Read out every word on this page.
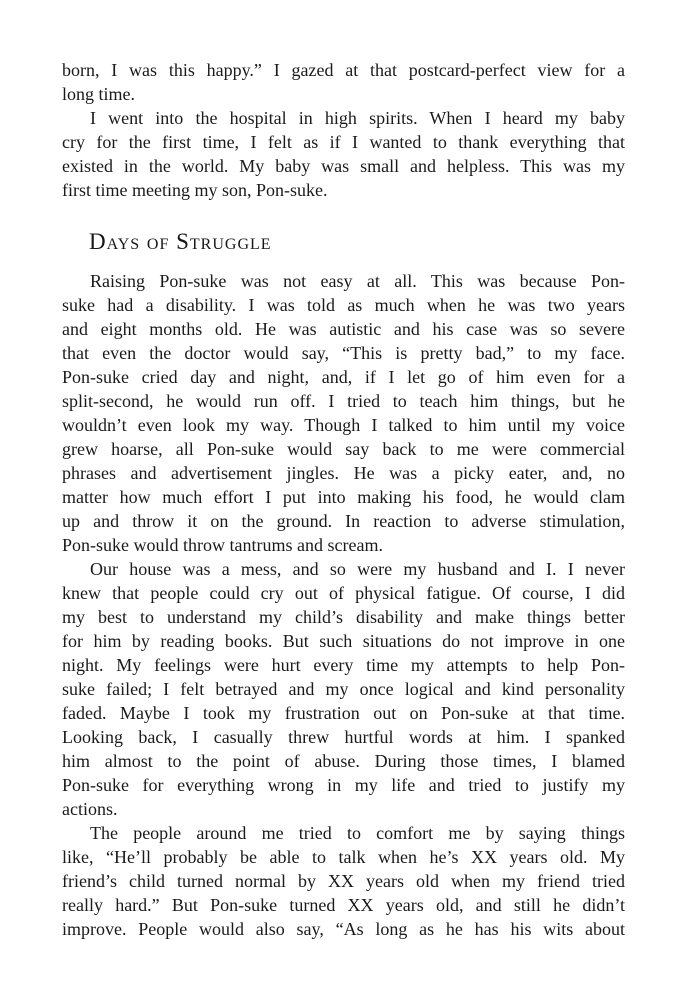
born, I was this happy.” I gazed at that postcard-perfect view for a
long time.

I went into the hospital in high spirits. When I heard my baby
cry for the first time, I felt as if I wanted to thank everything that
existed in the world. My baby was small and helpless. This was my
first time meeting my son, Pon-suke.

Days of Struggle

Raising Pon-suke was not easy at all. This was because Pon-
suke had a disability. I was told as much when he was two years
and eight months old. He was autistic and his case was so severe
that even the doctor would say, “This is pretty bad,” to my face.
Pon-suke cried day and night, and, if I let go of him even for a
split-second, he would run off. I tried to teach him things, but he
wouldn’t even look my way. Though I talked to him until my voice
grew hoarse, all Pon-suke would say back to me were commercial
phrases and advertisement jingles. He was a picky eater, and, no
matter how much effort I put into making his food, he would clam
up and throw it on the ground. In reaction to adverse stimulation,
Pon-suke would throw tantrums and scream.

Our house was a mess, and so were my husband and I. I never
knew that people could cry out of physical fatigue. Of course, I did
my best to understand my child’s disability and make things better
for him by reading books. But such situations do not improve in one
night. My feelings were hurt every time my attempts to help Pon-
suke failed; I felt betrayed and my once logical and kind personality
faded. Maybe I took my frustration out on Pon-suke at that time.
Looking back, I casually threw hurtful words at him. I spanked
him almost to the point of abuse. During those times, I blamed
Pon-suke for everything wrong in my life and tried to justify my
actions.

The people around me tried to comfort me by saying things
like, “He’ll probably be able to talk when he’s XX years old. My
friend’s child turned normal by XX years old when my friend tried
really hard.” But Pon-suke turned XX years old, and still he didn’t
improve. People would also say, “As long as he has his wits about
